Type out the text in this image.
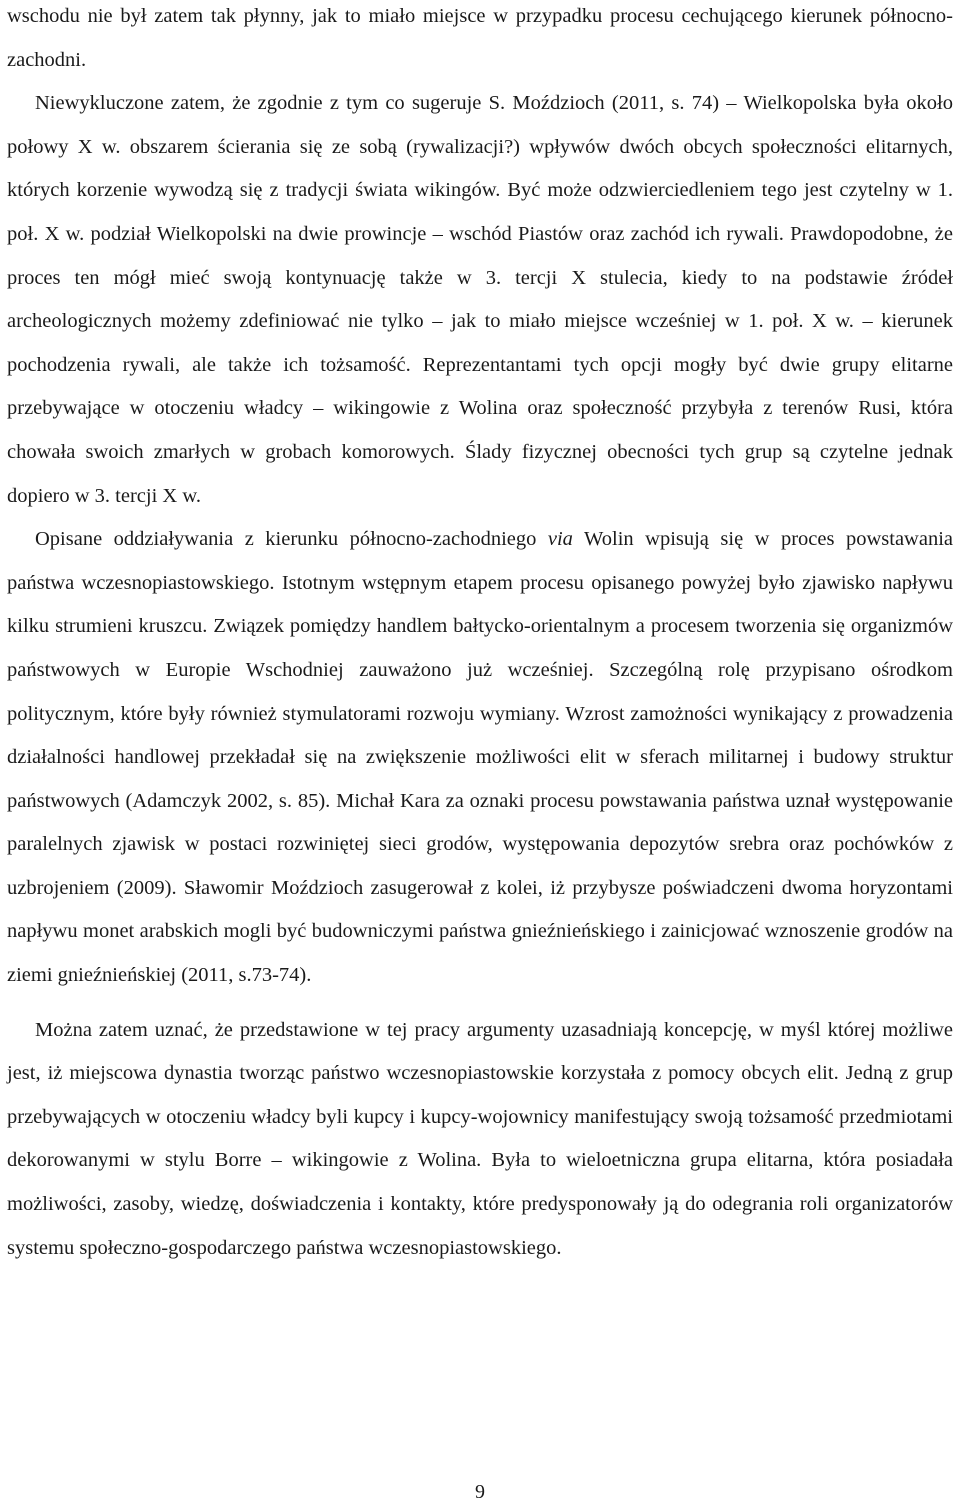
wschodu nie był zatem tak płynny, jak to miało miejsce w przypadku procesu cechującego kierunek północno-zachodni.

Niewykluczone zatem, że zgodnie z tym co sugeruje S. Moździoch (2011, s. 74) – Wielkopolska była około połowy X w. obszarem ścierania się ze sobą (rywalizacji?) wpływów dwóch obcych społeczności elitarnych, których korzenie wywodzą się z tradycji świata wikingów. Być może odzwierciedleniem tego jest czytelny w 1. poł. X w. podział Wielkopolski na dwie prowincje – wschód Piastów oraz zachód ich rywali. Prawdopodobne, że proces ten mógł mieć swoją kontynuację także w 3. tercji X stulecia, kiedy to na podstawie źródeł archeologicznych możemy zdefiniować nie tylko – jak to miało miejsce wcześniej w 1. poł. X w. – kierunek pochodzenia rywali, ale także ich tożsamość. Reprezentantami tych opcji mogły być dwie grupy elitarne przebywające w otoczeniu władcy – wikingowie z Wolina oraz społeczność przybyła z terenów Rusi, która chowała swoich zmarłych w grobach komorowych. Ślady fizycznej obecności tych grup są czytelne jednak dopiero w 3. tercji X w.

Opisane oddziaływania z kierunku północno-zachodniego via Wolin wpisują się w proces powstawania państwa wczesnopiastowskiego. Istotnym wstępnym etapem procesu opisanego powyżej było zjawisko napływu kilku strumieni kruszcu. Związek pomiędzy handlem bałtycko-orientalnym a procesem tworzenia się organizmów państwowych w Europie Wschodniej zauważono już wcześniej. Szczególną rolę przypisano ośrodkom politycznym, które były również stymulatorami rozwoju wymiany. Wzrost zamożności wynikający z prowadzenia działalności handlowej przekładał się na zwiększenie możliwości elit w sferach militarnej i budowy struktur państwowych (Adamczyk 2002, s. 85). Michał Kara za oznaki procesu powstawania państwa uznał występowanie paralelnych zjawisk w postaci rozwiniętej sieci grodów, występowania depozytów srebra oraz pochówków z uzbrojeniem (2009). Sławomir Moździoch zasugerował z kolei, iż przybysze poświadczeni dwoma horyzontami napływu monet arabskich mogli być budowniczymi państwa gnieźnieńskiego i zainicjować wznoszenie grodów na ziemi gnieźnieńskiej (2011, s.73-74).

Można zatem uznać, że przedstawione w tej pracy argumenty uzasadniają koncepcję, w myśl której możliwe jest, iż miejscowa dynastia tworząc państwo wczesnopiastowskie korzystała z pomocy obcych elit. Jedną z grup przebywających w otoczeniu władcy byli kupcy i kupcy-wojownicy manifestujący swoją tożsamość przedmiotami dekorowanymi w stylu Borre – wikingowie z Wolina. Była to wieloetniczna grupa elitarna, która posiadała możliwości, zasoby, wiedzę, doświadczenia i kontakty, które predysponowały ją do odegrania roli organizatorów systemu społeczno-gospodarczego państwa wczesnopiastowskiego.

9
